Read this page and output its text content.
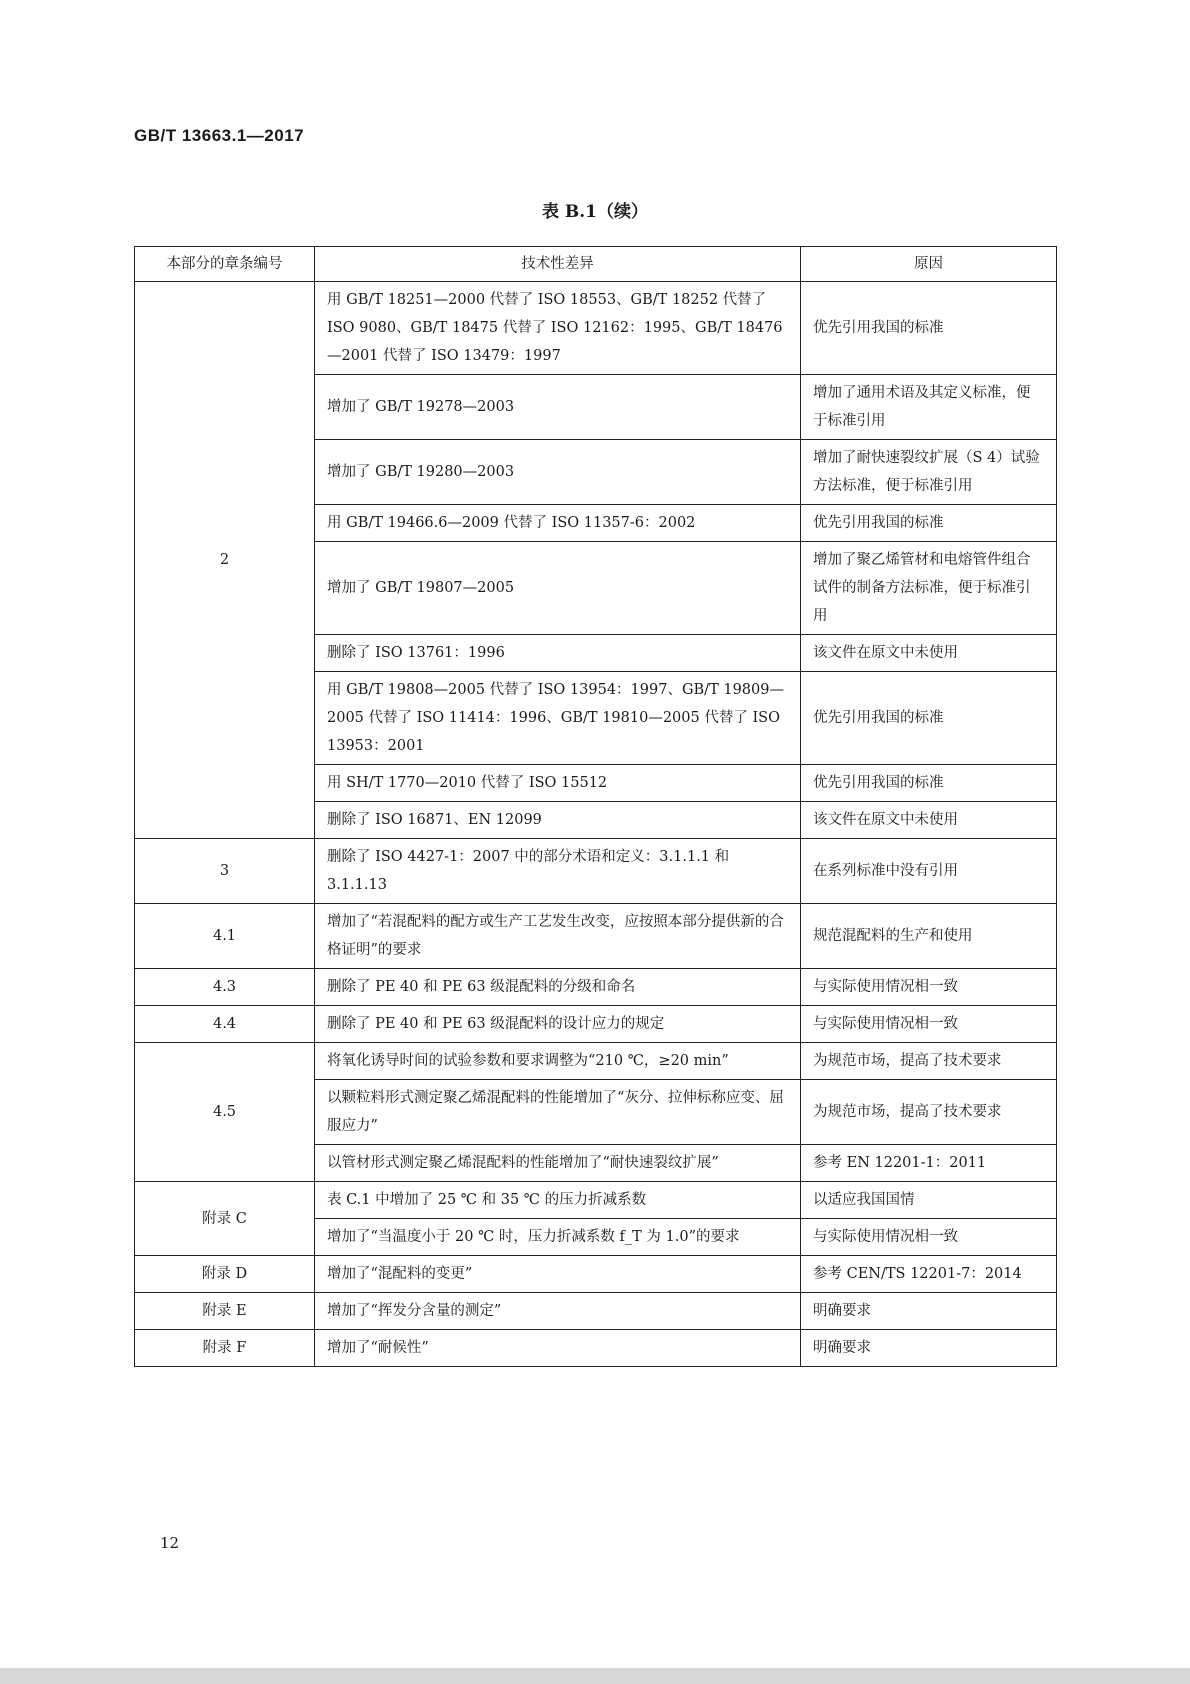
GB/T 13663.1—2017
表 B.1（续）
本部分的章条编号	技术性差异	原因
2	用 GB/T 18251—2000 代替了 ISO 18553、GB/T 18252 代替了 ISO 9080、GB/T 18475 代替了 ISO 12162：1995、GB/T 18476—2001 代替了 ISO 13479：1997	优先引用我国的标准
	增加了 GB/T 19278—2003	增加了通用术语及其定义标准，便于标准引用
	增加了 GB/T 19280—2003	增加了耐快速裂纹扩展（S 4）试验方法标准，便于标准引用
	用 GB/T 19466.6—2009 代替了 ISO 11357-6：2002	优先引用我国的标准
	增加了 GB/T 19807—2005	增加了聚乙烯管材和电熔管件组合试件的制备方法标准，便于标准引用
	删除了 ISO 13761：1996	该文件在原文中未使用
	用 GB/T 19808—2005 代替了 ISO 13954：1997、GB/T 19809—2005 代替了 ISO 11414：1996、GB/T 19810—2005 代替了 ISO 13953：2001	优先引用我国的标准
	用 SH/T 1770—2010 代替了 ISO 15512	优先引用我国的标准
	删除了 ISO 16871、EN 12099	该文件在原文中未使用
3	删除了 ISO 4427-1：2007 中的部分术语和定义：3.1.1.1 和 3.1.1.13	在系列标准中没有引用
4.1	增加了“若混配料的配方或生产工艺发生改变，应按照本部分提供新的合格证明”的要求	规范混配料的生产和使用
4.3	删除了 PE 40 和 PE 63 级混配料的分级和命名	与实际使用情况相一致
4.4	删除了 PE 40 和 PE 63 级混配料的设计应力的规定	与实际使用情况相一致
4.5	将氧化诱导时间的试验参数和要求调整为“210 ℃，≥20 min”	为规范市场，提高了技术要求
	以颗粒料形式测定聚乙烯混配料的性能增加了“灰分、拉伸标称应变、屈服应力”	为规范市场，提高了技术要求
	以管材形式测定聚乙烯混配料的性能增加了“耐快速裂纹扩展”	参考 EN 12201-1：2011
附录 C	表 C.1 中增加了 25 ℃ 和 35 ℃ 的压力折减系数	以适应我国国情
	增加了“当温度小于 20 ℃ 时，压力折减系数 f_T 为 1.0”的要求	与实际使用情况相一致
附录 D	增加了“混配料的变更”	参考 CEN/TS 12201-7：2014
附录 E	增加了“挥发分含量的测定”	明确要求
附录 F	增加了“耐候性”	明确要求
12
